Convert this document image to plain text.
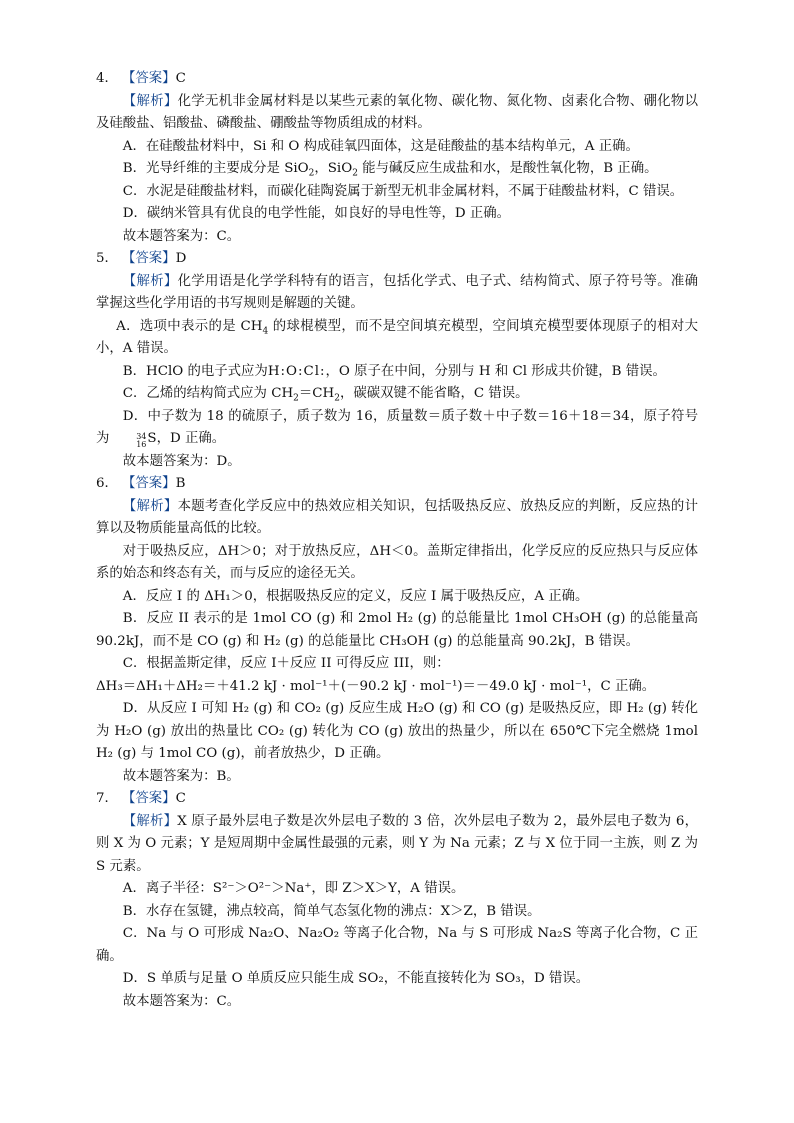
4． 【答案】C

【解析】化学无机非金属材料是以某些元素的氧化物、碳化物、氮化物、卤素化合物、硼化物以及硅酸盐、铝酸盐、磷酸盐、硼酸盐等物质组成的材料。

A．在硅酸盐材料中，Si 和 O 构成硅氧四面体，这是硅酸盐的基本结构单元，A 正确。

B．光导纤维的主要成分是 SiO$_2$，SiO$_2$ 能与碱反应生成盐和水，是酸性氧化物，B 正确。

C．水泥是硅酸盐材料，而碳化硅陶瓷属于新型无机非金属材料，不属于硅酸盐材料，C 错误。

D．碳纳米管具有优良的电学性能，如良好的导电性等，D 正确。

故本题答案为：C。

5． 【答案】D

【解析】化学用语是化学学科特有的语言，包括化学式、电子式、结构简式、原子符号等。准确掌握这些化学用语的书写规则是解题的关键。

A．选项中表示的是 $CH_4$ 的球棍模型，而不是空间填充模型，空间填充模型要体现原子的相对大小，A 错误。

B．HClO 的电子式应为H:O:Cl:，O 原子在中间，分别与 H 和 Cl 形成共价键，B 错误。

C．乙烯的结构简式应为 $CH_2=CH_2$，碳碳双键不能省略，C 错误。

D．中子数为 18 的硫原子，质子数为 16，质量数＝质子数＋中子数＝16＋18＝34，原子符号为	34
16S，D 正确。

故本题答案为：D。

6． 【答案】B

【解析】本题考查化学反应中的热效应相关知识，包括吸热反应、放热反应的判断，反应热的计算以及物质能量高低的比较。

对于吸热反应，ΔH＞0；对于放热反应，ΔH＜0。盖斯定律指出，化学反应的反应热只与反应体系的始态和终态有关，而与反应的途径无关。

A．反应 I 的 ΔH₁＞0，根据吸热反应的定义，反应 I 属于吸热反应，A 正确。

B．反应 II 表示的是 1mol CO (g) 和 2mol H₂ (g) 的总能量比 1mol CH₃OH (g) 的总能量高 90.2kJ，而不是 CO (g) 和 H₂ (g) 的总能量比 CH₃OH (g) 的总能量高 90.2kJ，B 错误。

C．根据盖斯定律，反应 I＋反应 II 可得反应 III，则：

ΔH₃＝ΔH₁＋ΔH₂＝＋41.2 kJ · mol⁻¹＋(－90.2 kJ · mol⁻¹)＝－49.0 kJ · mol⁻¹，C 正确。

D．从反应 I 可知 H₂ (g) 和 CO₂ (g) 反应生成 H₂O (g) 和 CO (g) 是吸热反应，即 H₂ (g) 转化为 H₂O (g) 放出的热量比 CO₂ (g) 转化为 CO (g) 放出的热量少，所以在 650℃下完全燃烧 1mol H₂ (g) 与 1mol CO (g)，前者放热少，D 正确。

故本题答案为：B。

7． 【答案】C

【解析】X 原子最外层电子数是次外层电子数的 3 倍，次外层电子数为 2，最外层电子数为 6，则 X 为 O 元素；Y 是短周期中金属性最强的元素，则 Y 为 Na 元素；Z 与 X 位于同一主族，则 Z 为 S 元素。

A．离子半径：S²⁻＞O²⁻＞Na⁺，即 Z＞X＞Y，A 错误。

B．水存在氢键，沸点较高，简单气态氢化物的沸点：X＞Z，B 错误。

C．Na 与 O 可形成 Na₂O、Na₂O₂ 等离子化合物，Na 与 S 可形成 Na₂S 等离子化合物，C 正确。

D．S 单质与足量 O 单质反应只能生成 SO₂，不能直接转化为 SO₃，D 错误。

故本题答案为：C。
